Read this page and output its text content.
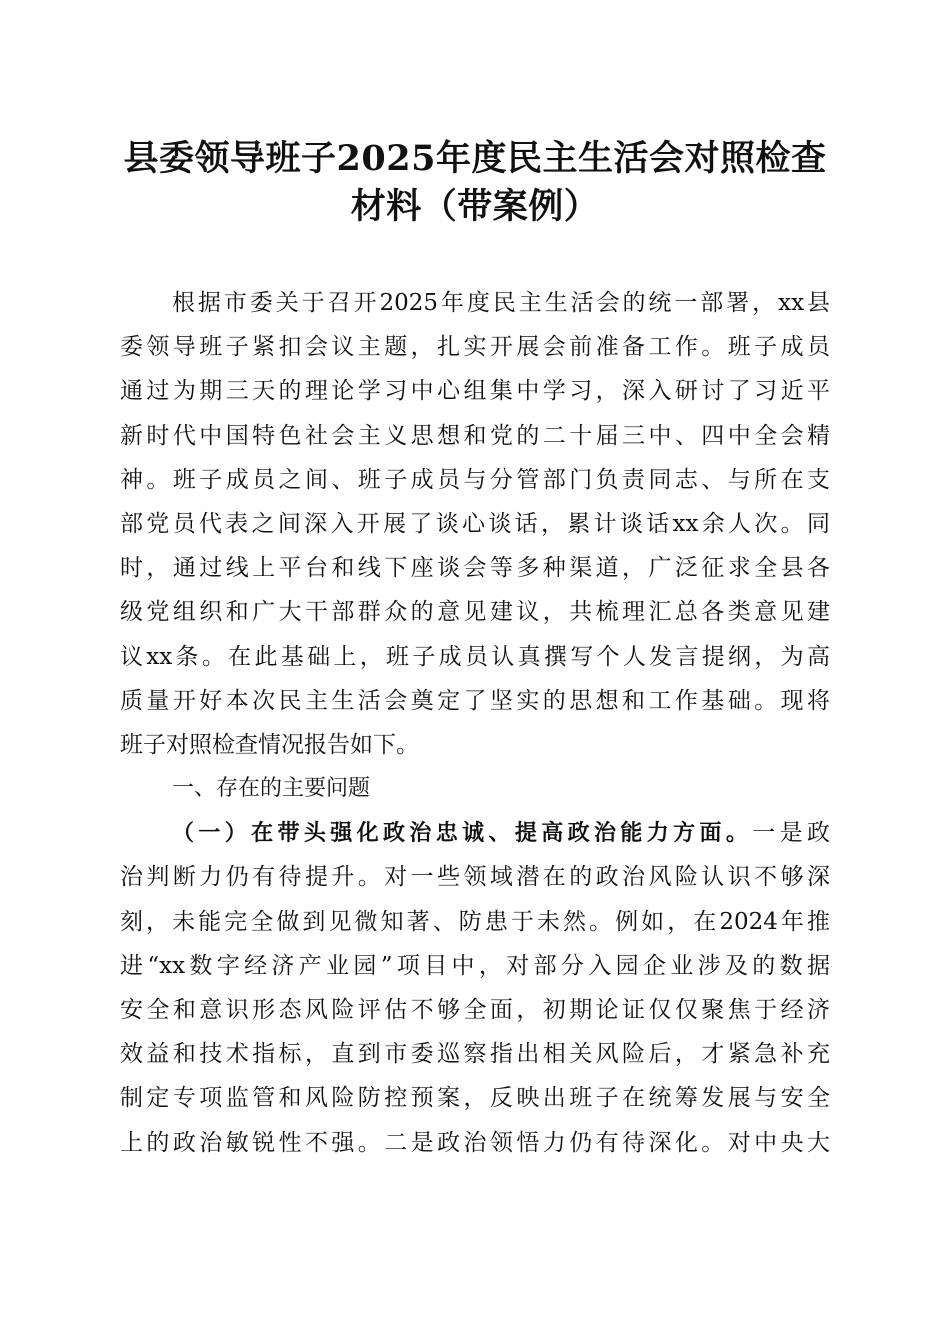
县委领导班子2025年度民主生活会对照检查
材料（带案例）
根据市委关于召开2025年度民主生活会的统一部署，xx县
委领导班子紧扣会议主题，扎实开展会前准备工作。班子成员
通过为期三天的理论学习中心组集中学习，深入研讨了习近平
新时代中国特色社会主义思想和党的二十届三中、四中全会精
神。班子成员之间、班子成员与分管部门负责同志、与所在支
部党员代表之间深入开展了谈心谈话，累计谈话xx余人次。同
时，通过线上平台和线下座谈会等多种渠道，广泛征求全县各
级党组织和广大干部群众的意见建议，共梳理汇总各类意见建
议xx条。在此基础上，班子成员认真撰写个人发言提纲，为高
质量开好本次民主生活会奠定了坚实的思想和工作基础。现将
班子对照检查情况报告如下。
一、存在的主要问题
（一）在带头强化政治忠诚、提高政治能力方面。一是政
治判断力仍有待提升。对一些领域潜在的政治风险认识不够深
刻，未能完全做到见微知著、防患于未然。例如，在2024年推
进“xx数字经济产业园”项目中，对部分入园企业涉及的数据
安全和意识形态风险评估不够全面，初期论证仅仅聚焦于经济
效益和技术指标，直到市委巡察指出相关风险后，才紧急补充
制定专项监管和风险防控预案，反映出班子在统筹发展与安全
上的政治敏锐性不强。二是政治领悟力仍有待深化。对中央大
